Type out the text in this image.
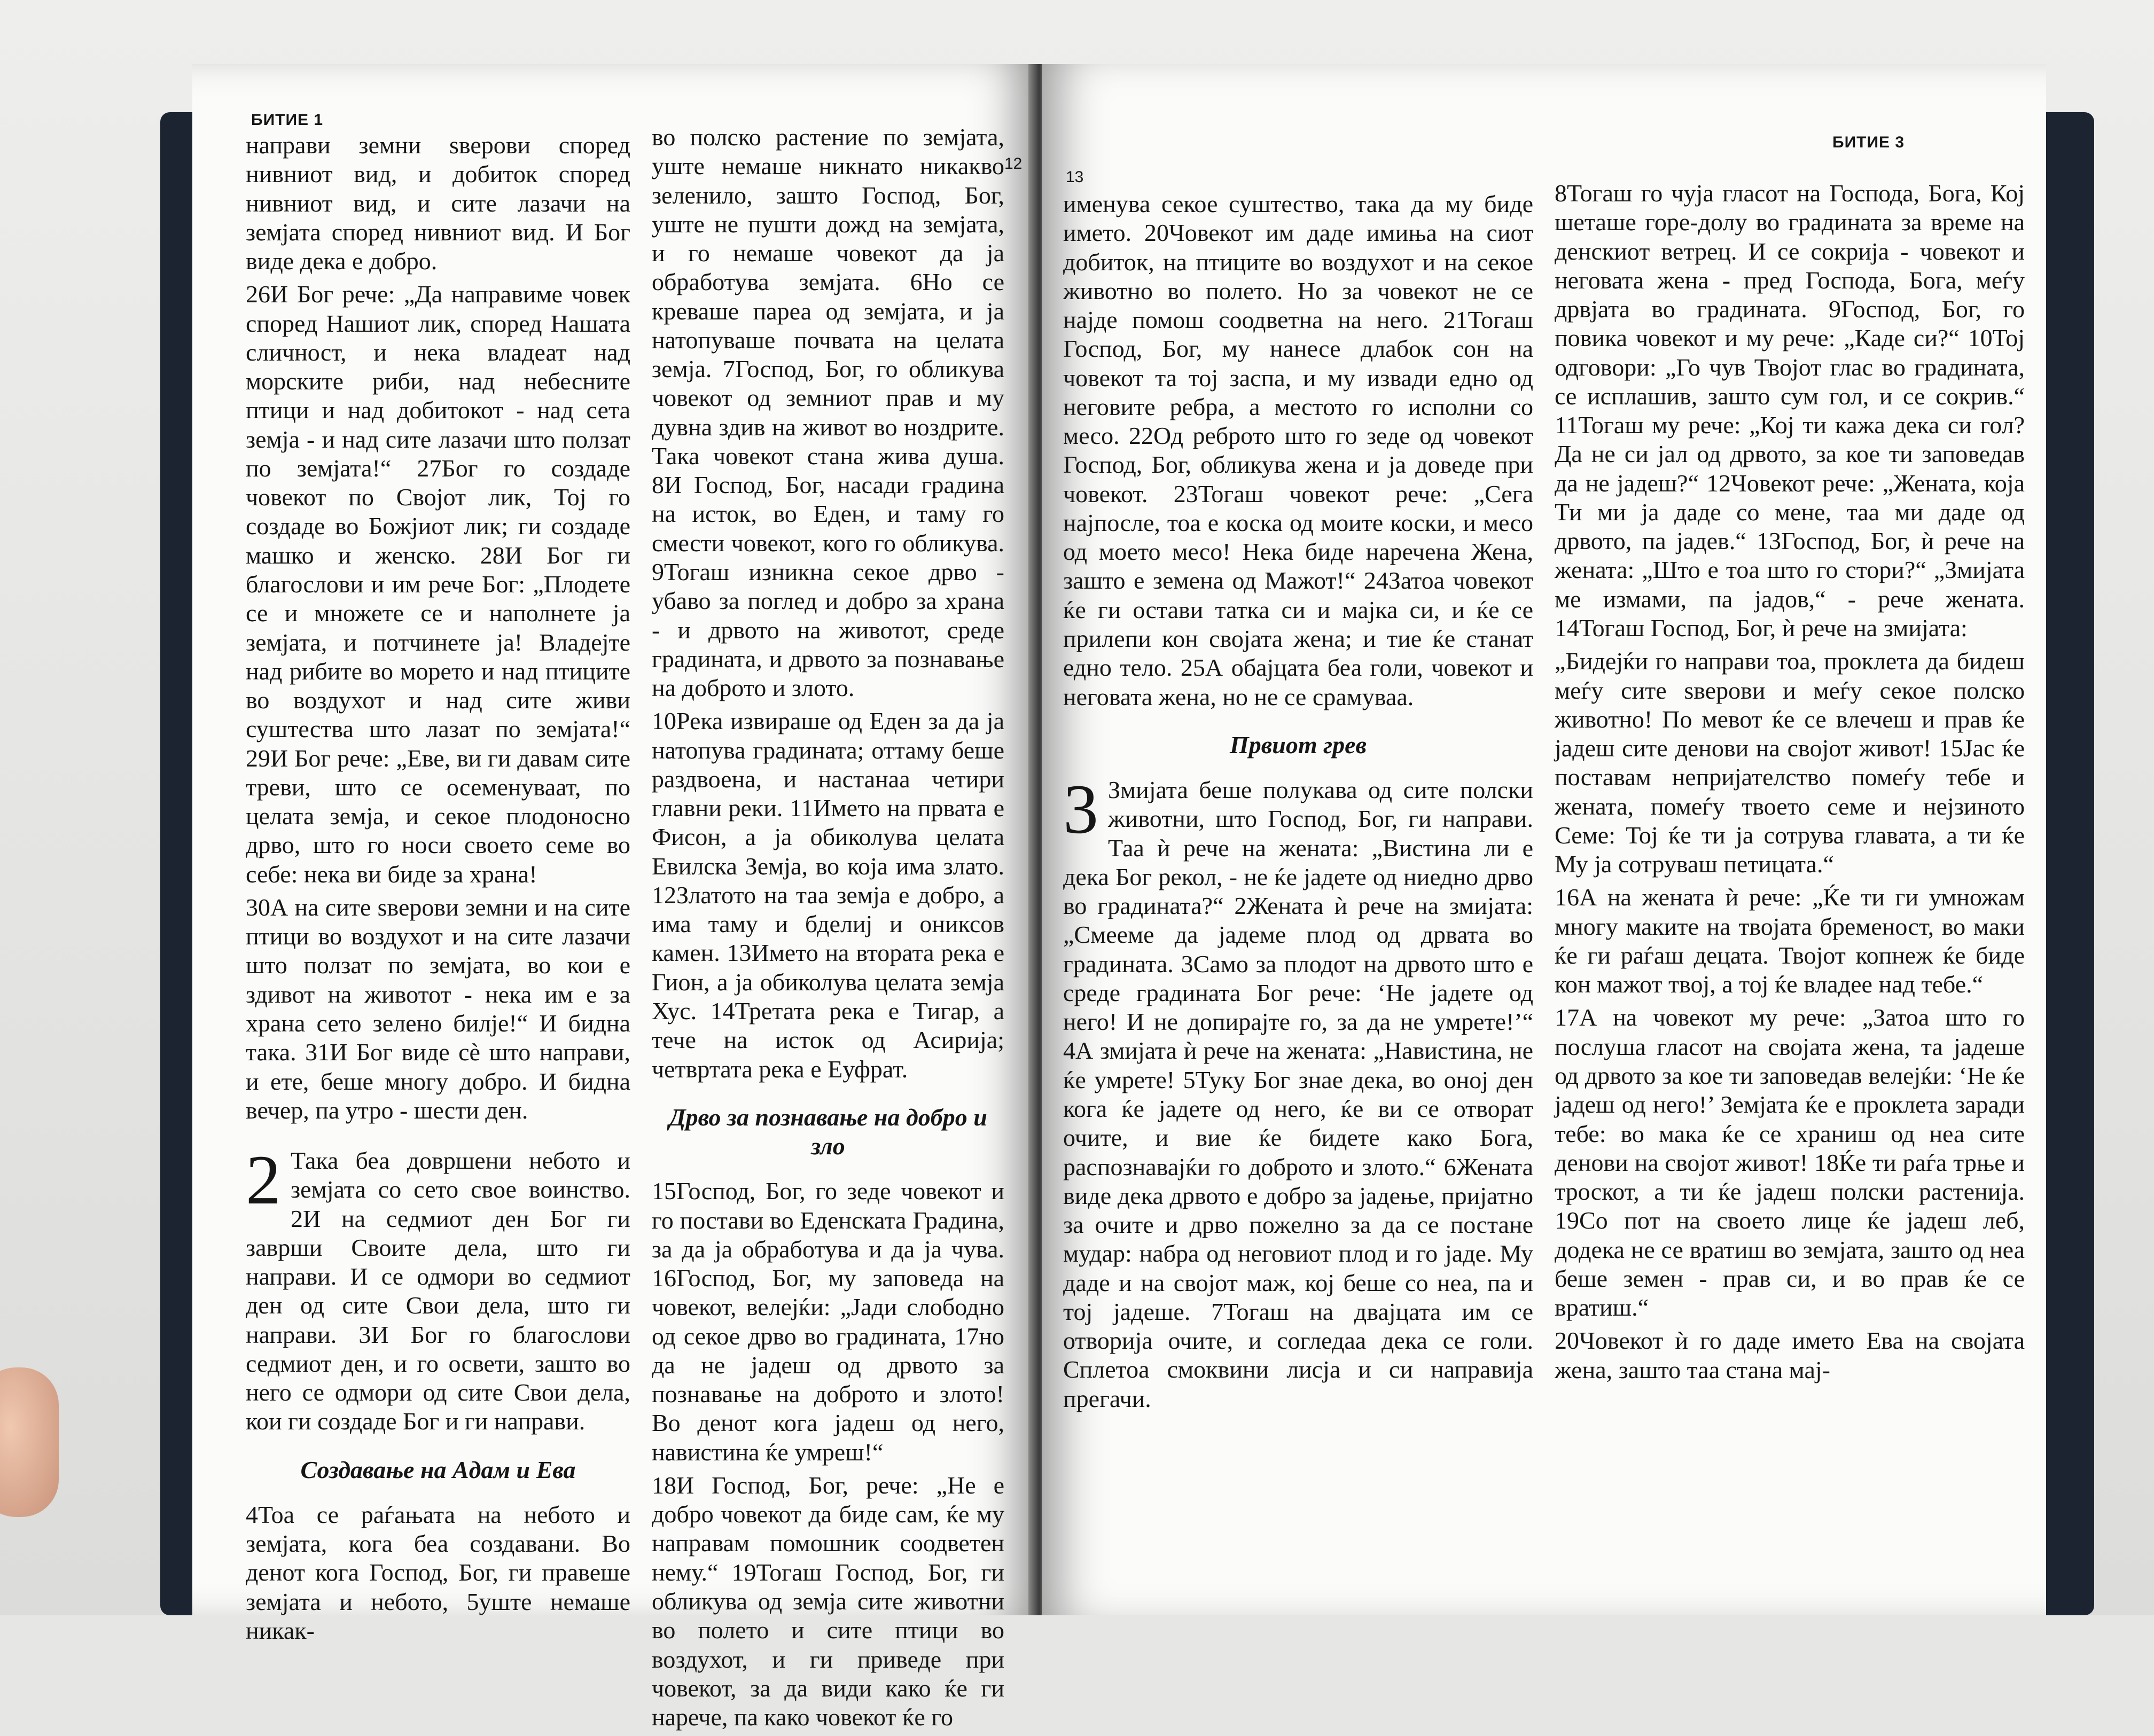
БИТИЕ 1
12

направи земни ѕверови според нивниот вид, и добиток според нивниот вид, и сите лазачи на земјата според нивниот вид. И Бог виде дека е добро.

26И Бог рече: „Да направиме човек според Нашиот лик, според Нашата сличност, и нека владеат над морските риби, над небесните птици и над добитокот - над сета земја - и над сите лазачи што ползат по земјата!“ 27Бог го создаде човекот по Својот лик, Тој го создаде во Божјиот лик; ги создаде машко и женско. 28И Бог ги благослови и им рече Бог: „Плодете се и множете се и наполнете ја земјата, и потчинете ја! Владејте над рибите во морето и над птиците во воздухот и над сите живи суштества што лазат по земјата!“ 29И Бог рече: „Еве, ви ги давам сите треви, што се осеменуваат, по целата земја, и секое плодоносно дрво, што го носи своето семе во себе: нека ви биде за храна!

30А на сите ѕверови земни и на сите птици во воздухот и на сите лазачи што ползат по земјата, во кои е здивот на животот - нека им е за храна сето зелено билје!“ И бидна така. 31И Бог виде сè што направи, и ете, беше многу добро. И бидна вечер, па утро - шести ден.

2 Така беа довршени небото и земјата со сето свое воинство. 2И на седмиот ден Бог ги заврши Своите дела, што ги направи. И се одмори во седмиот ден од сите Свои дела, што ги направи. 3И Бог го благослови седмиот ден, и го освети, зашто во него се одмори од сите Свои дела, кои ги создаде Бог и ги направи.

Создавање на Адам и Ева

4Тоа се раѓањата на небото и земјата, кога беа создавани. Во денот кога Господ, Бог, ги правеше земјата и небото, 5уште немаше никак-

во полско растение по земјата, уште немаше никнато никакво зеленило, зашто Господ, Бог, уште не пушти дожд на земјата, и го немаше човекот да ја обработува земјата. 6Но се креваше пареа од земјата, и ја натопуваше почвата на целата земја. 7Господ, Бог, го обликува човекот од земниот прав и му дувна здив на живот во ноздрите. Така човекот стана жива душа. 8И Господ, Бог, насади градина на исток, во Еден, и таму го смести човекот, кого го обликува. 9Тогаш изникна секое дрво - убаво за поглед и добро за храна - и дрвото на животот, среде градината, и дрвото за познавање на доброто и злото.

10Река извираше од Еден за да ја натопува градината; оттаму беше раздвоена, и настанаа четири главни реки. 11Името на првата е Фисон, а ја обиколува целата Евилска Земја, во која има злато. 12Златото на таа земја е добро, а има таму и бделиј и ониксов камен. 13Името на втората река е Гион, а ја обиколува целата земја Хус. 14Третата река е Тигар, а тече на исток од Асирија; четвртата река е Еуфрат.

Дрво за познавање на добро и зло

15Господ, Бог, го зеде човекот и го постави во Еденската Градина, за да ја обработува и да ја чува. 16Господ, Бог, му заповеда на човекот, велејќи: „Јади слободно од секое дрво во градината, 17но да не јадеш од дрвото за познавање на доброто и злото! Во денот кога јадеш од него, навистина ќе умреш!“

18И Господ, Бог, рече: „Не е добро човекот да биде сам, ќе му направам помошник соодветен нему.“ 19Тогаш Господ, Бог, ги обликува од земја сите животни во полето и сите птици во воздухот, и ги приведе при човекот, за да види како ќе ги нарече, па како човекот ќе го

13
БИТИЕ 3

именува секое суштество, така да му биде името. 20Човекот им даде имиња на сиот добиток, на птиците во воздухот и на секое животно во полето. Но за човекот не се најде помош соодветна на него. 21Тогаш Господ, Бог, му нанесе длабок сон на човекот та тој заспа, и му извади едно од неговите ребра, а местото го исполни со месо. 22Од реброто што го зеде од човекот Господ, Бог, обликува жена и ја доведе при човекот. 23Тогаш човекот рече: „Сега најпосле, тоа е коска од моите коски, и месо од моето месо! Нека биде наречена Жена, зашто е земена од Мажот!“ 24Затоа човекот ќе ги остави татка си и мајка си, и ќе се прилепи кон својата жена; и тие ќе станат едно тело. 25А обајцата беа голи, човекот и неговата жена, но не се срамуваа.

Првиот грев

3 Змијата беше полукава од сите полски животни, што Господ, Бог, ги направи. Таа ѝ рече на жената: „Вистина ли е дека Бог рекол, - не ќе јадете од ниедно дрво во градината?“ 2Жената ѝ рече на змијата: „Смееме да јадеме плод од дрвата во градината. 3Само за плодот на дрвото што е среде градината Бог рече: ‘Не јадете од него! И не допирајте го, за да не умрете!’“ 4А змијата ѝ рече на жената: „Навистина, не ќе умрете! 5Туку Бог знае дека, во оној ден кога ќе јадете од него, ќе ви се отворат очите, и вие ќе бидете како Бога, распознавајќи го доброто и злото.“ 6Жената виде дека дрвото е добро за јадење, пријатно за очите и дрво пожелно за да се постане мудар: набра од неговиот плод и го јаде. Му даде и на својот маж, кој беше со неа, па и тој јадеше. 7Тогаш на двајцата им се отворија очите, и согледаа дека се голи. Сплетоа смоквини лисја и си направија прегачи.

8Тогаш го чуја гласот на Господа, Бога, Кој шеташе горе-долу во градината за време на денскиот ветрец. И се сокрија - човекот и неговата жена - пред Господа, Бога, меѓу дрвјата во градината. 9Господ, Бог, го повика човекот и му рече: „Каде си?“ 10Тој одговори: „Го чув Твојот глас во градината, се исплашив, зашто сум гол, и се сокрив.“ 11Тогаш му рече: „Кој ти кажа дека си гол? Да не си јал од дрвото, за кое ти заповедав да не јадеш?“ 12Човекот рече: „Жената, која Ти ми ја даде со мене, таа ми даде од дрвото, па јадев.“ 13Господ, Бог, ѝ рече на жената: „Што е тоа што го стори?“ „Змијата ме измами, па јадов,“ - рече жената. 14Тогаш Господ, Бог, ѝ рече на змијата:

„Бидејќи го направи тоа, проклета да бидеш меѓу сите ѕверови и меѓу секое полско животно! По мевот ќе се влечеш и прав ќе јадеш сите денови на својот живот! 15Јас ќе поставам непријателство помеѓу тебе и жената, помеѓу твоето семе и нејзиното Семе: Тој ќе ти ја сотрува главата, а ти ќе Му ја сотруваш петицата.“

16А на жената ѝ рече: „Ќе ти ги умножам многу маките на твојата бременост, во маки ќе ги раѓаш децата. Твојот копнеж ќе биде кон мажот твој, а тој ќе владее над тебе.“

17А на човекот му рече: „Затоа што го послуша гласот на својата жена, та јадеше од дрвото за кое ти заповедав велејќи: ‘Не ќе јадеш од него!’ Земјата ќе е проклета заради тебе: во мака ќе се храниш од неа сите денови на својот живот! 18Ќе ти раѓа трње и троскот, а ти ќе јадеш полски растенија. 19Со пот на своето лице ќе јадеш леб, додека не се вратиш во земјата, зашто од неа беше земен - прав си, и во прав ќе се вратиш.“

20Човекот ѝ го даде името Ева на својата жена, зашто таа стана мај-
